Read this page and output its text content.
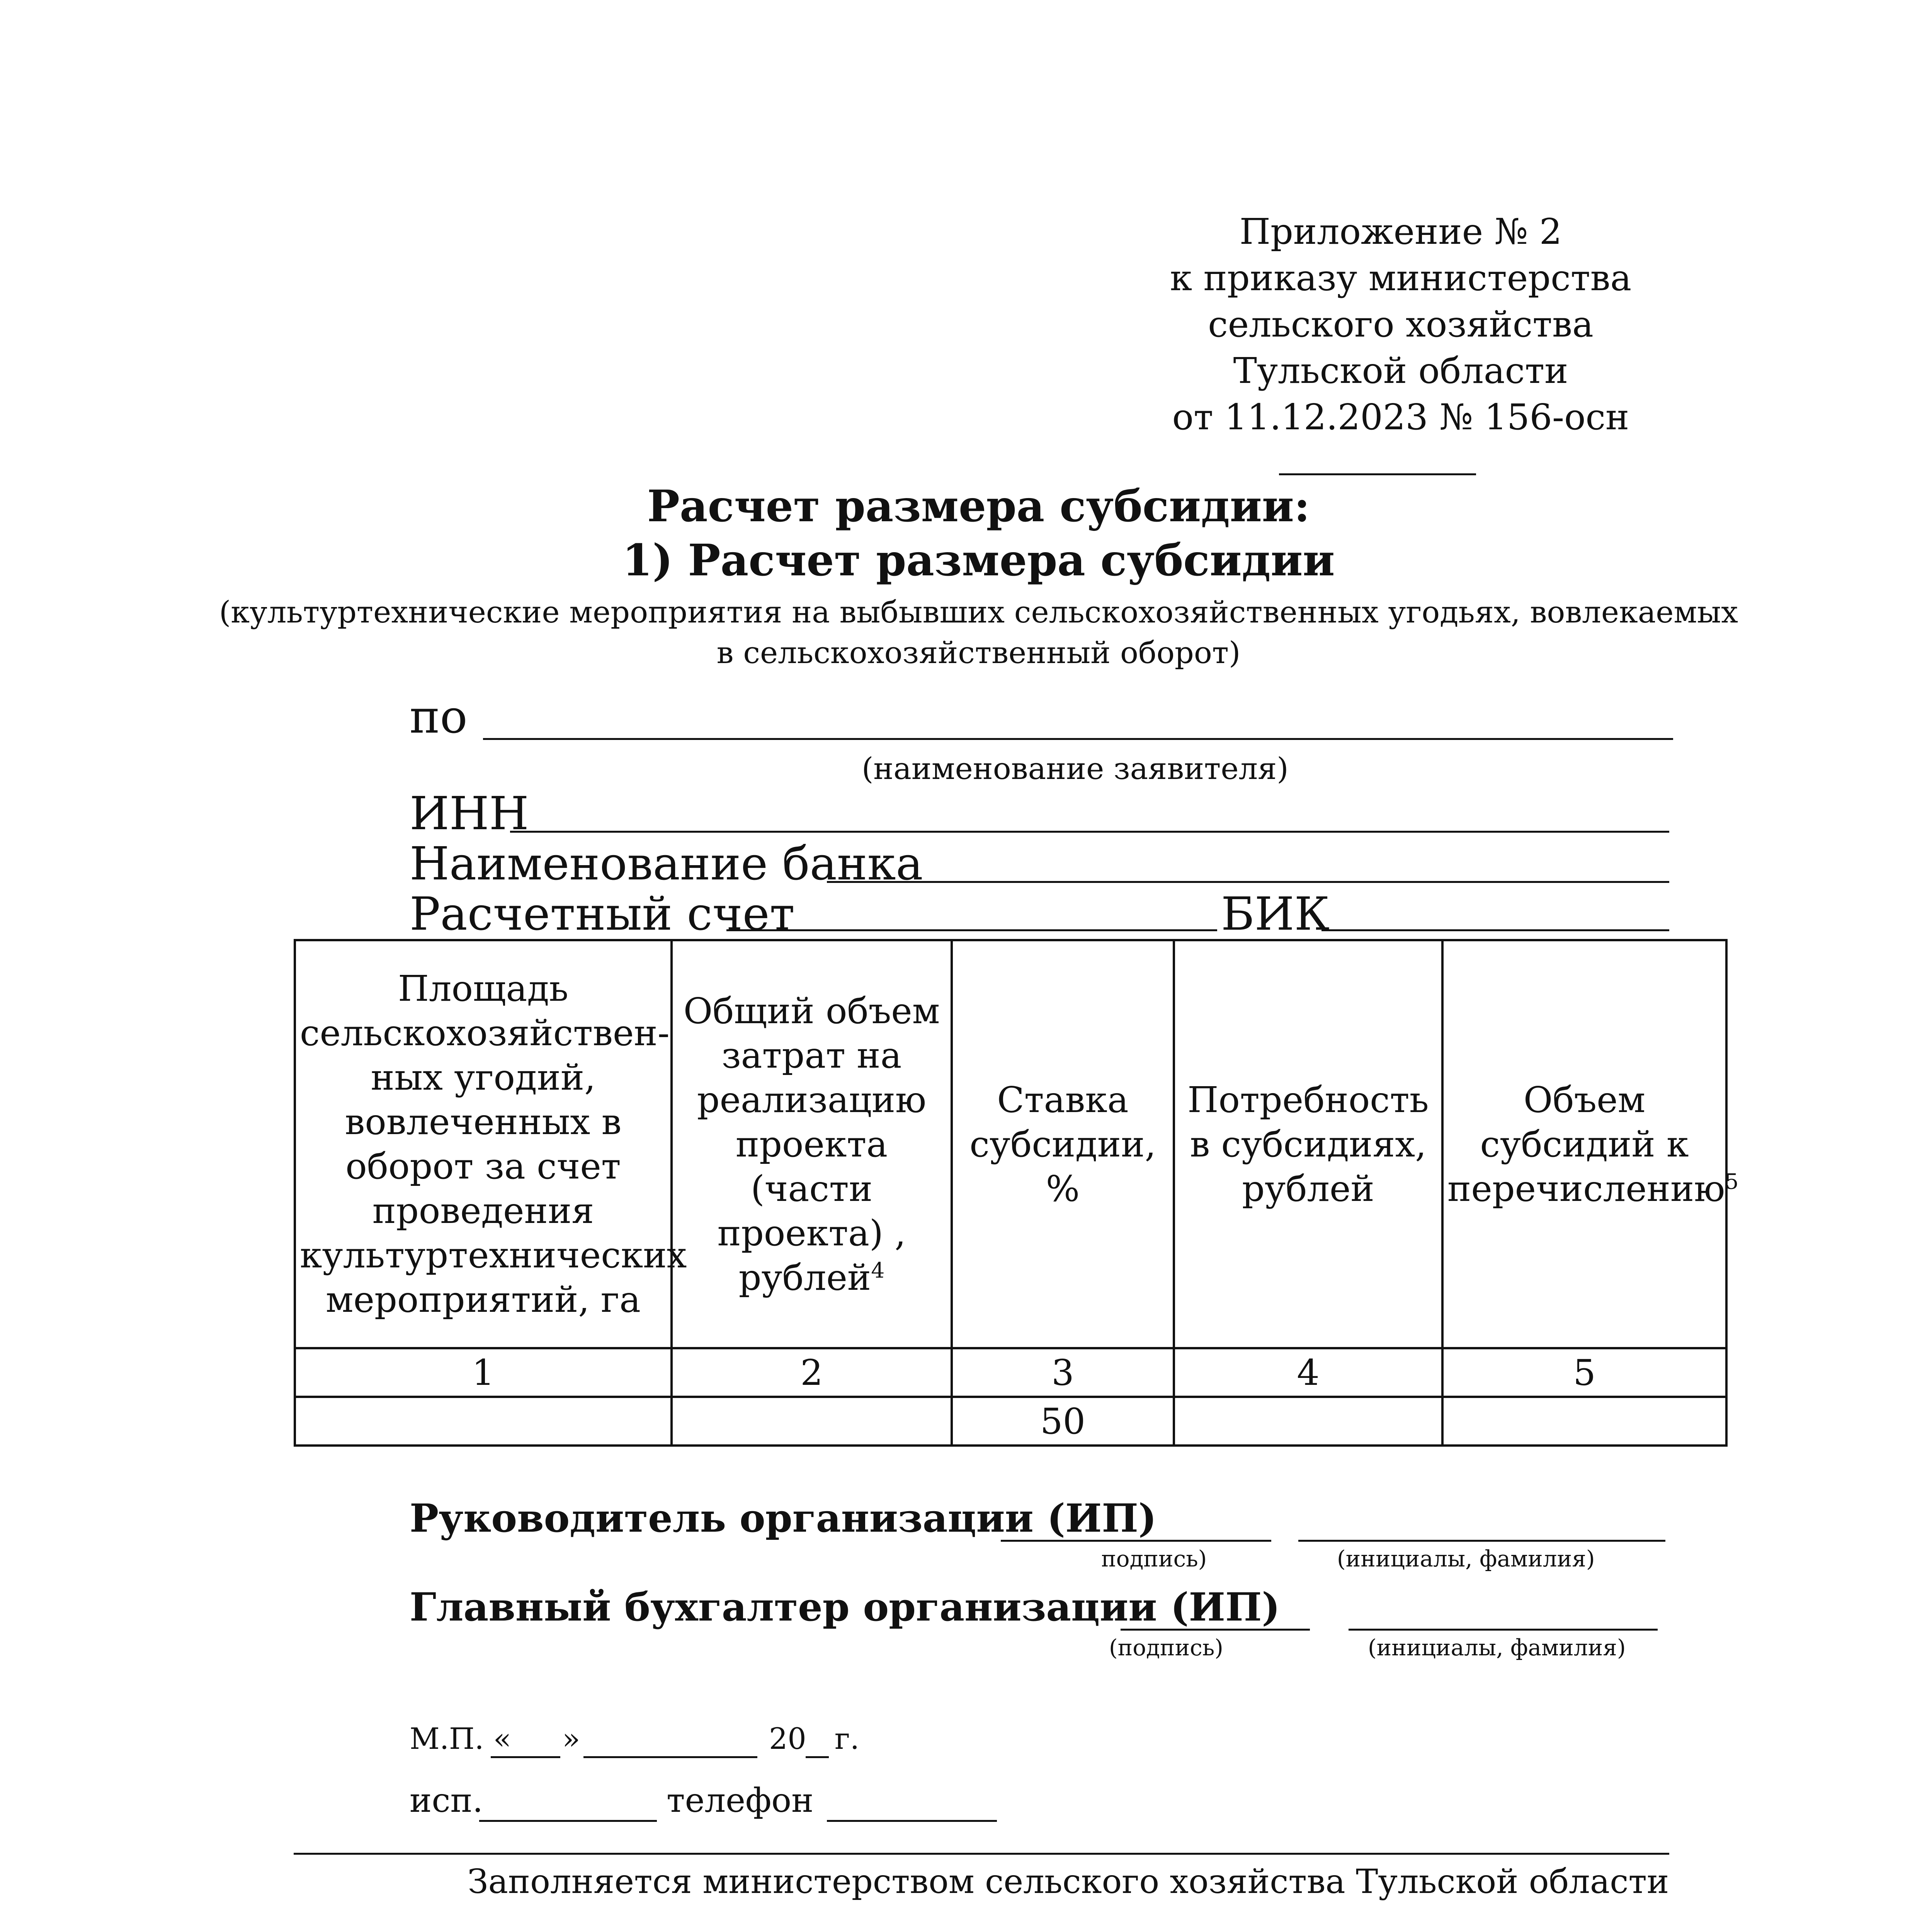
Приложение № 2
к приказу министерства
сельского хозяйства
Тульской области
от 11.12.2023 № 156-осн
Расчет размера субсидии:
1) Расчет размера субсидии
(культуртехнические мероприятия на выбывших сельскохозяйственных угодьях, вовлекаемых
в сельскохозяйственный оборот)
по
(наименование заявителя)
ИНН
Наименование банка
Расчетный счет	БИК
Площадь сельскохозяйствен-ных угодий, вовлеченных в оборот за счет проведения культуртехнических мероприятий, га	Общий объем затрат на реализацию проекта (части проекта) , рублей$^4$	Ставка субсидии, %	Потребность в субсидиях, рублей	Объем субсидий к перечислению$^5$
1	2	3	4	5
		50		
Руководитель организации (ИП)
подпись)	(инициалы, фамилия)
Главный бухгалтер организации (ИП)
(подпись)	(инициалы, фамилия)
М.П. « »	20 г.
исп.	телефон
Заполняется министерством сельского хозяйства Тульской области
